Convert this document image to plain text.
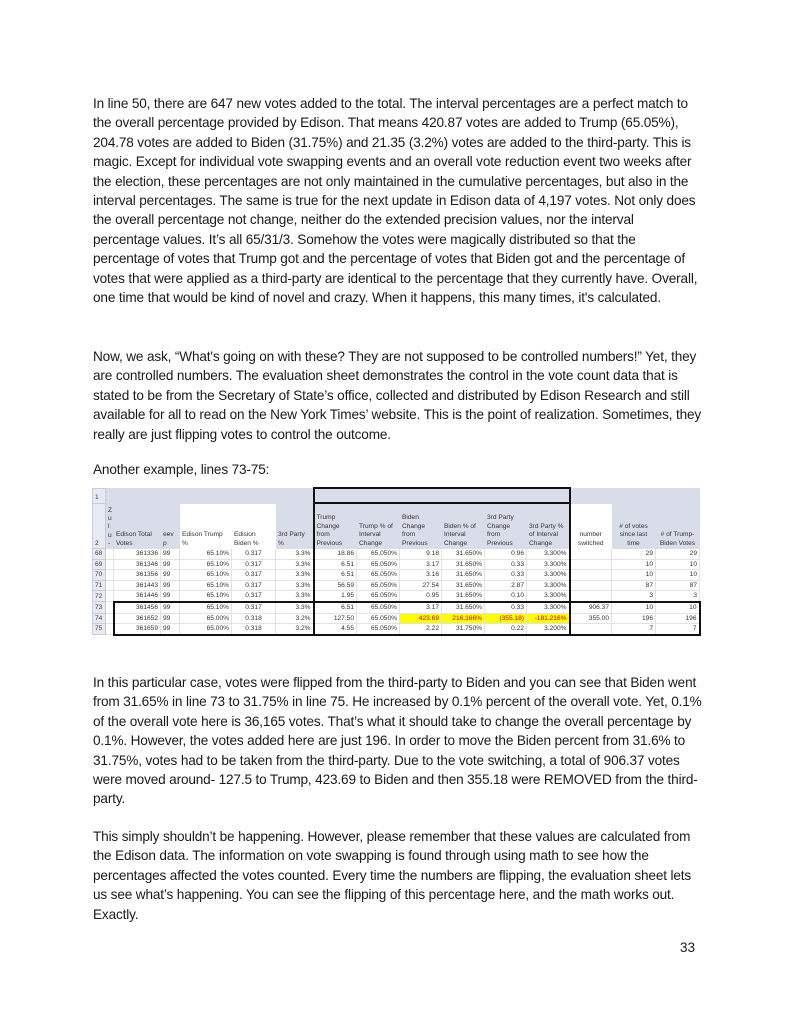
In line 50, there are 647 new votes added to the total. The interval percentages are a perfect match to the overall percentage provided by Edison. That means 420.87 votes are added to Trump (65.05%), 204.78 votes are added to Biden (31.75%) and 21.35 (3.2%) votes are added to the third-party. This is magic. Except for individual vote swapping events and an overall vote reduction event two weeks after the election, these percentages are not only maintained in the cumulative percentages, but also in the interval percentages. The same is true for the next update in Edison data of 4,197 votes. Not only does the overall percentage not change, neither do the extended precision values, nor the interval percentage values. It’s all 65/31/3. Somehow the votes were magically distributed so that the percentage of votes that Trump got and the percentage of votes that Biden got and the percentage of votes that were applied as a third-party are identical to the percentage that they currently have. Overall, one time that would be kind of novel and crazy. When it happens, this many times, it's calculated.

Now, we ask, “What's going on with these? They are not supposed to be controlled numbers!” Yet, they are controlled numbers. The evaluation sheet demonstrates the control in the vote count data that is stated to be from the Secretary of State’s office, collected and distributed by Edison Research and still available for all to read on the New York Times’ website. This is the point of realization. Sometimes, they really are just flipping votes to control the outcome.

Another example, lines 73-75:

1															
2	Z u l u-	Edison Total Votes	eev p	Edison Trump %	Edision Biden %	3rd Party %	Trump Change from Previous	Trump % of Interval Change	Biden Change from Previous	Biden % of Interval Change	3rd Party Change from Previous	3rd Party % of Interval Change	number switched	# of votes since last time	# of Trump-Biden Votes
68		361336	99	65.10%	0.317	3.3%	18.86	65.050%	9.18	31.650%	0.96	3.300%		29	29
69		361346	99	65.10%	0.317	3.3%	6.51	65.050%	3.17	31.650%	0.33	3.300%		10	10
70		361356	99	65.10%	0.317	3.3%	6.51	65.050%	3.16	31.650%	0.33	3.300%		10	10
71		361443	99	65.10%	0.317	3.3%	56.59	65.050%	27.54	31.650%	2.87	3.300%		87	87
72		361446	99	65.10%	0.317	3.3%	1.95	65.050%	0.95	31.650%	0.10	3.300%		3	3
73		361456	99	65.10%	0.317	3.3%	6.51	65.050%	3.17	31.650%	0.33	3.300%	906.37	10	10
74		361652	99	65.00%	0.318	3.2%	127.50	65.050%	423.69	216.166%	(355.18)	-181.216%	355.00	196	196
75		361659	99	65.00%	0.318	3.2%	4.55	65.050%	2.22	31.750%	0.22	3.200%		7	7

In this particular case, votes were flipped from the third-party to Biden and you can see that Biden went from 31.65% in line 73 to 31.75% in line 75. He increased by 0.1% percent of the overall vote. Yet, 0.1% of the overall vote here is 36,165 votes. That’s what it should take to change the overall percentage by 0.1%. However, the votes added here are just 196. In order to move the Biden percent from 31.6% to 31.75%, votes had to be taken from the third-party. Due to the vote switching, a total of 906.37 votes were moved around- 127.5 to Trump, 423.69 to Biden and then 355.18 were REMOVED from the third-party.

This simply shouldn’t be happening. However, please remember that these values are calculated from the Edison data. The information on vote swapping is found through using math to see how the percentages affected the votes counted. Every time the numbers are flipping, the evaluation sheet lets us see what’s happening. You can see the flipping of this percentage here, and the math works out. Exactly.

33
